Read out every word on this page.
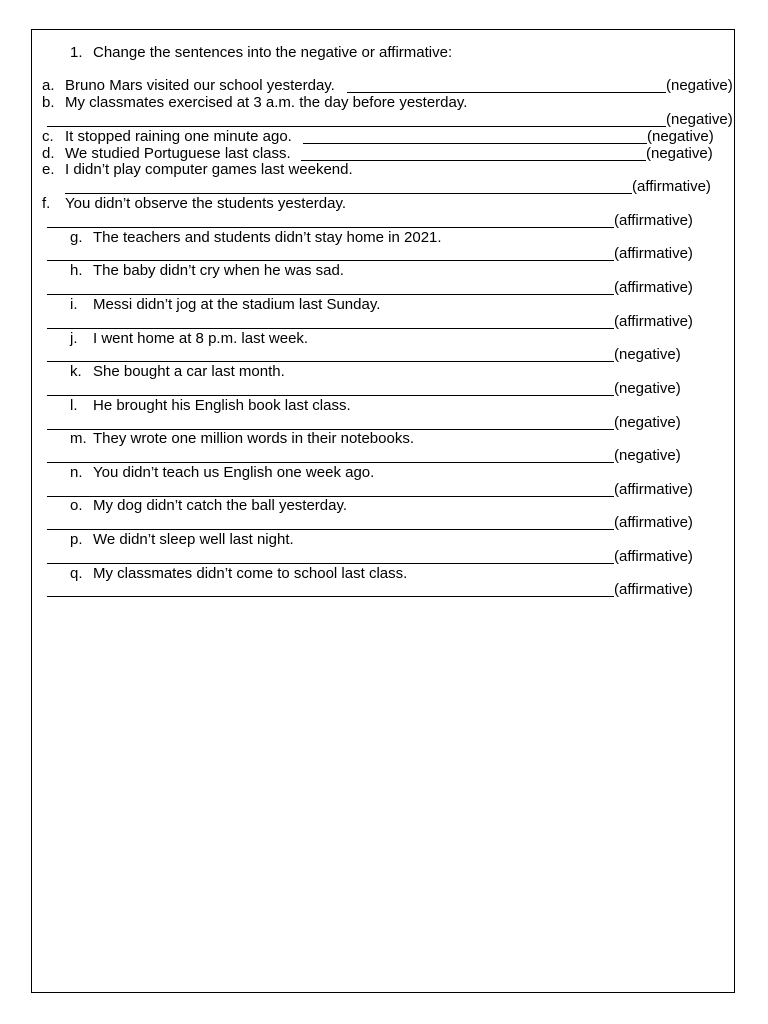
1. Change the sentences into the negative or affirmative:
a. Bruno Mars visited our school yesterday.	(negative)
b. My classmates exercised at 3 a.m. the day before yesterday.
(negative)
c. It stopped raining one minute ago.	(negative)
d. We studied Portuguese last class.	(negative)
e. I didn’t play computer games last weekend.
(affirmative)
f. You didn’t observe the students yesterday.
(affirmative)
g. The teachers and students didn’t stay home in 2021.
(affirmative)
h. The baby didn’t cry when he was sad.
(affirmative)
i. Messi didn’t jog at the stadium last Sunday.
(affirmative)
j. I went home at 8 p.m. last week.
(negative)
k. She bought a car last month.
(negative)
l. He brought his English book last class.
(negative)
m. They wrote one million words in their notebooks.
(negative)
n. You didn’t teach us English one week ago.
(affirmative)
o. My dog didn’t catch the ball yesterday.
(affirmative)
p. We didn’t sleep well last night.
(affirmative)
q. My classmates didn’t come to school last class.
(affirmative)
